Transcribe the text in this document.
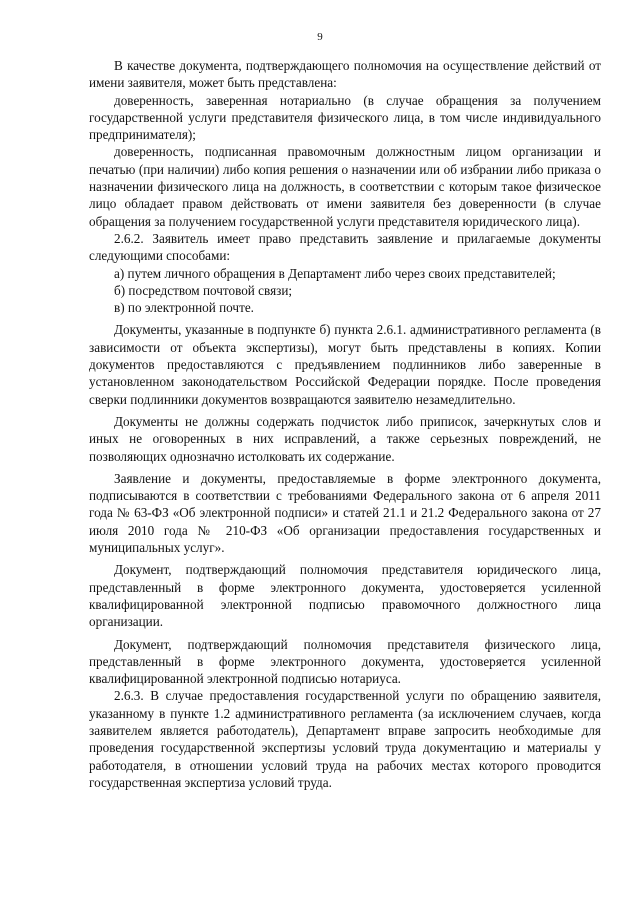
9

В качестве документа, подтверждающего полномочия на осуществление действий от имени заявителя, может быть представлена:

доверенность, заверенная нотариально (в случае обращения за получением государственной услуги представителя физического лица, в том числе индивидуального предпринимателя);

доверенность, подписанная правомочным должностным лицом организации и печатью (при наличии) либо копия решения о назначении или об избрании либо приказа о назначении физического лица на должность, в соответствии с которым такое физическое лицо обладает правом действовать от имени заявителя без доверенности (в случае обращения за получением государственной услуги представителя юридического лица).

2.6.2. Заявитель имеет право представить заявление и прилагаемые документы следующими способами:

а) путем личного обращения в Департамент либо через своих представителей;

б) посредством почтовой связи;

в) по электронной почте.

Документы, указанные в подпункте б) пункта 2.6.1. административного регламента (в зависимости от объекта экспертизы), могут быть представлены в копиях. Копии документов предоставляются с предъявлением подлинников либо заверенные в установленном законодательством Российской Федерации порядке. После проведения сверки подлинники документов возвращаются заявителю незамедлительно.

Документы не должны содержать подчисток либо приписок, зачеркнутых слов и иных не оговоренных в них исправлений, а также серьезных повреждений, не позволяющих однозначно истолковать их содержание.

Заявление и документы, предоставляемые в форме электронного документа, подписываются в соответствии с требованиями Федерального закона от 6 апреля 2011 года № 63-ФЗ «Об электронной подписи» и статей 21.1 и 21.2 Федерального закона от 27 июля 2010 года № 210-ФЗ «Об организации предоставления государственных и муниципальных услуг».

Документ, подтверждающий полномочия представителя юридического лица, представленный в форме электронного документа, удостоверяется усиленной квалифицированной электронной подписью правомочного должностного лица организации.

Документ, подтверждающий полномочия представителя физического лица, представленный в форме электронного документа, удостоверяется усиленной квалифицированной электронной подписью нотариуса.

2.6.3. В случае предоставления государственной услуги по обращению заявителя, указанному в пункте 1.2 административного регламента (за исключением случаев, когда заявителем является работодатель), Департамент вправе запросить необходимые для проведения государственной экспертизы условий труда документацию и материалы у работодателя, в отношении условий труда на рабочих местах которого проводится государственная экспертиза условий труда.
